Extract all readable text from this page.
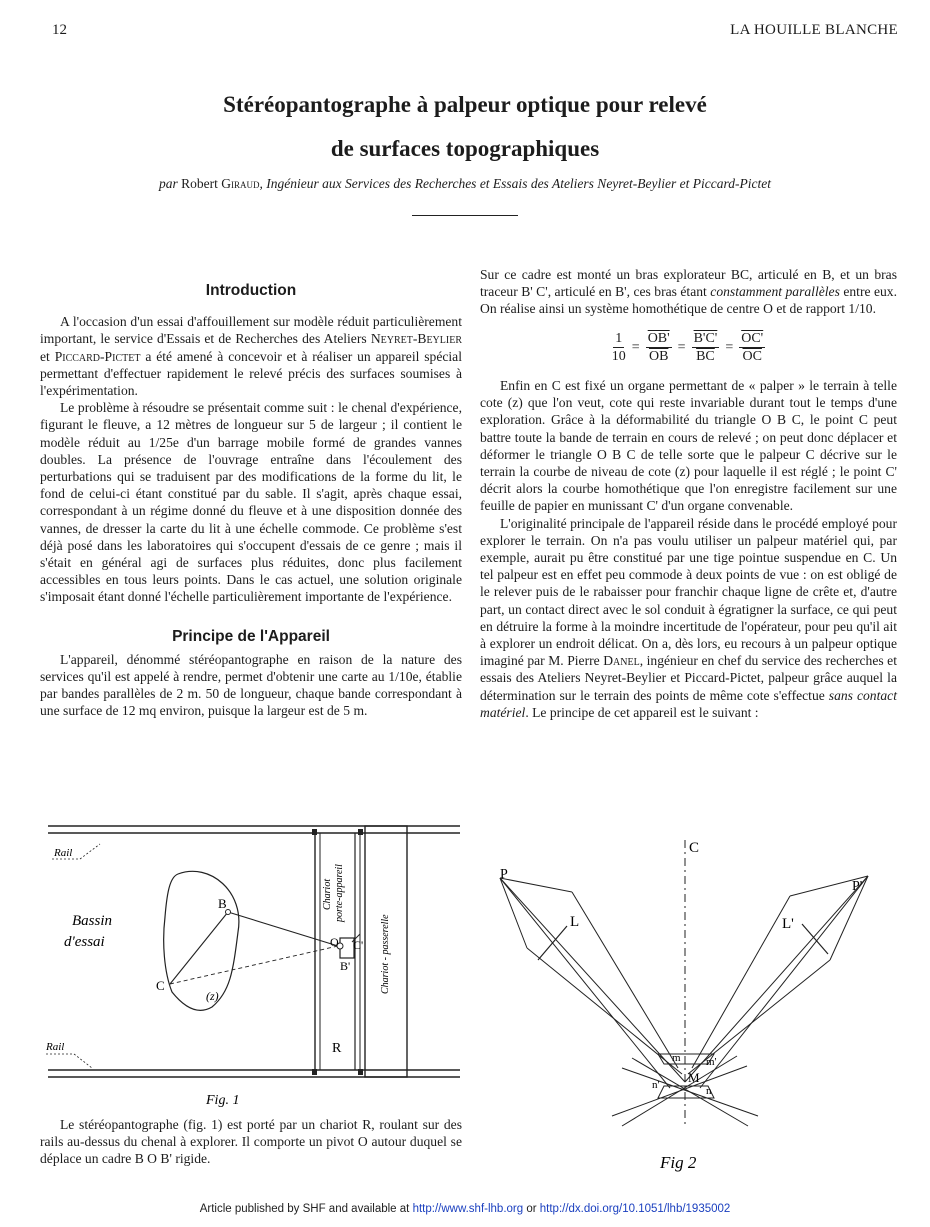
12	LA HOUILLE BLANCHE
Stéréopantographe à palpeur optique pour relevé
de surfaces topographiques
par Robert Giraud, Ingénieur aux Services des Recherches et Essais des Ateliers Neyret-Beylier et Piccard-Pictet
Introduction

A l'occasion d'un essai d'affouillement sur modèle réduit particulièrement important, le service d'Essais et de Recherches des Ateliers Neyret-Beylier et Piccard-Pictet a été amené à concevoir et à réaliser un appareil spécial permettant d'effectuer rapidement le relevé précis des surfaces soumises à l'expérimentation.

Le problème à résoudre se présentait comme suit : le chenal d'expérience, figurant le fleuve, a 12 mètres de longueur sur 5 de largeur ; il contient le modèle réduit au 1/25e d'un barrage mobile formé de grandes vannes doubles. La présence de l'ouvrage entraîne dans l'écoulement des perturbations qui se traduisent par des modifications de la forme du lit, le fond de celui-ci étant constitué par du sable. Il s'agit, après chaque essai, correspondant à un régime donné du fleuve et à une disposition donnée des vannes, de dresser la carte du lit à une échelle commode. Ce problème s'est déjà posé dans les laboratoires qui s'occupent d'essais de ce genre ; mais il s'était en général agi de surfaces plus réduites, donc plus facilement accessibles en tous leurs points. Dans le cas actuel, une solution originale s'imposait étant donné l'échelle particulièrement importante de l'expérience.

Principe de l'Appareil

L'appareil, dénommé stéréopantographe en raison de la nature des services qu'il est appelé à rendre, permet d'obtenir une carte au 1/10e, établie par bandes parallèles de 2 m. 50 de longueur, chaque bande correspondant à une surface de 12 mq environ, puisque la largeur est de 5 m.

Rail
Rail
Bassin
d'essai
B
C
(z)
O C'
B'
R
Chariot porte-appareil
Chariot - passerelle
Fig. 1

Le stéréopantographe (fig. 1) est porté par un chariot R, roulant sur des rails au-dessus du chenal à explorer. Il comporte un pivot O autour duquel se déplace un cadre B O B' rigide.

Sur ce cadre est monté un bras explorateur BC, articulé en B, et un bras traceur B' C', articulé en B', ces bras étant constamment parallèles entre eux. On réalise ainsi un système homothétique de centre O et de rapport 1/10.

$\frac{1}{10} = \frac{OB'}{OB} = \frac{B'C'}{BC} = \frac{OC'}{OC}$

Enfin en C est fixé un organe permettant de « palper » le terrain à telle cote (z) que l'on veut, cote qui reste invariable durant tout le temps d'une exploration. Grâce à la déformabilité du triangle O B C, le point C peut battre toute la bande de terrain en cours de relevé ; on peut donc déplacer et déformer le triangle O B C de telle sorte que le palpeur C décrive sur le terrain la courbe de niveau de cote (z) pour laquelle il est réglé ; le point C' décrit alors la courbe homothétique que l'on enregistre facilement sur une feuille de papier en munissant C' d'un organe convenable.

L'originalité principale de l'appareil réside dans le procédé employé pour explorer le terrain. On n'a pas voulu utiliser un palpeur matériel qui, par exemple, aurait pu être constitué par une tige pointue suspendue en C. Un tel palpeur est en effet peu commode à deux points de vue : on est obligé de le relever puis de le rabaisser pour franchir chaque ligne de crête et, d'autre part, un contact direct avec le sol conduit à égratigner la surface, ce qui peut en détruire la forme à la moindre incertitude de l'opérateur, pour peu qu'il ait à explorer un endroit délicat. On a, dès lors, eu recours à un palpeur optique imaginé par M. Pierre Danel, ingénieur en chef du service des recherches et essais des Ateliers Neyret-Beylier et Piccard-Pictet, palpeur grâce auquel la détermination sur le terrain des points de même cote s'effectue sans contact matériel. Le principe de cet appareil est le suivant :

C
P
P'
L	L'
m m'
M
n'	n
Fig 2
Article published by SHF and available at http://www.shf-lhb.org or http://dx.doi.org/10.1051/lhb/1935002
